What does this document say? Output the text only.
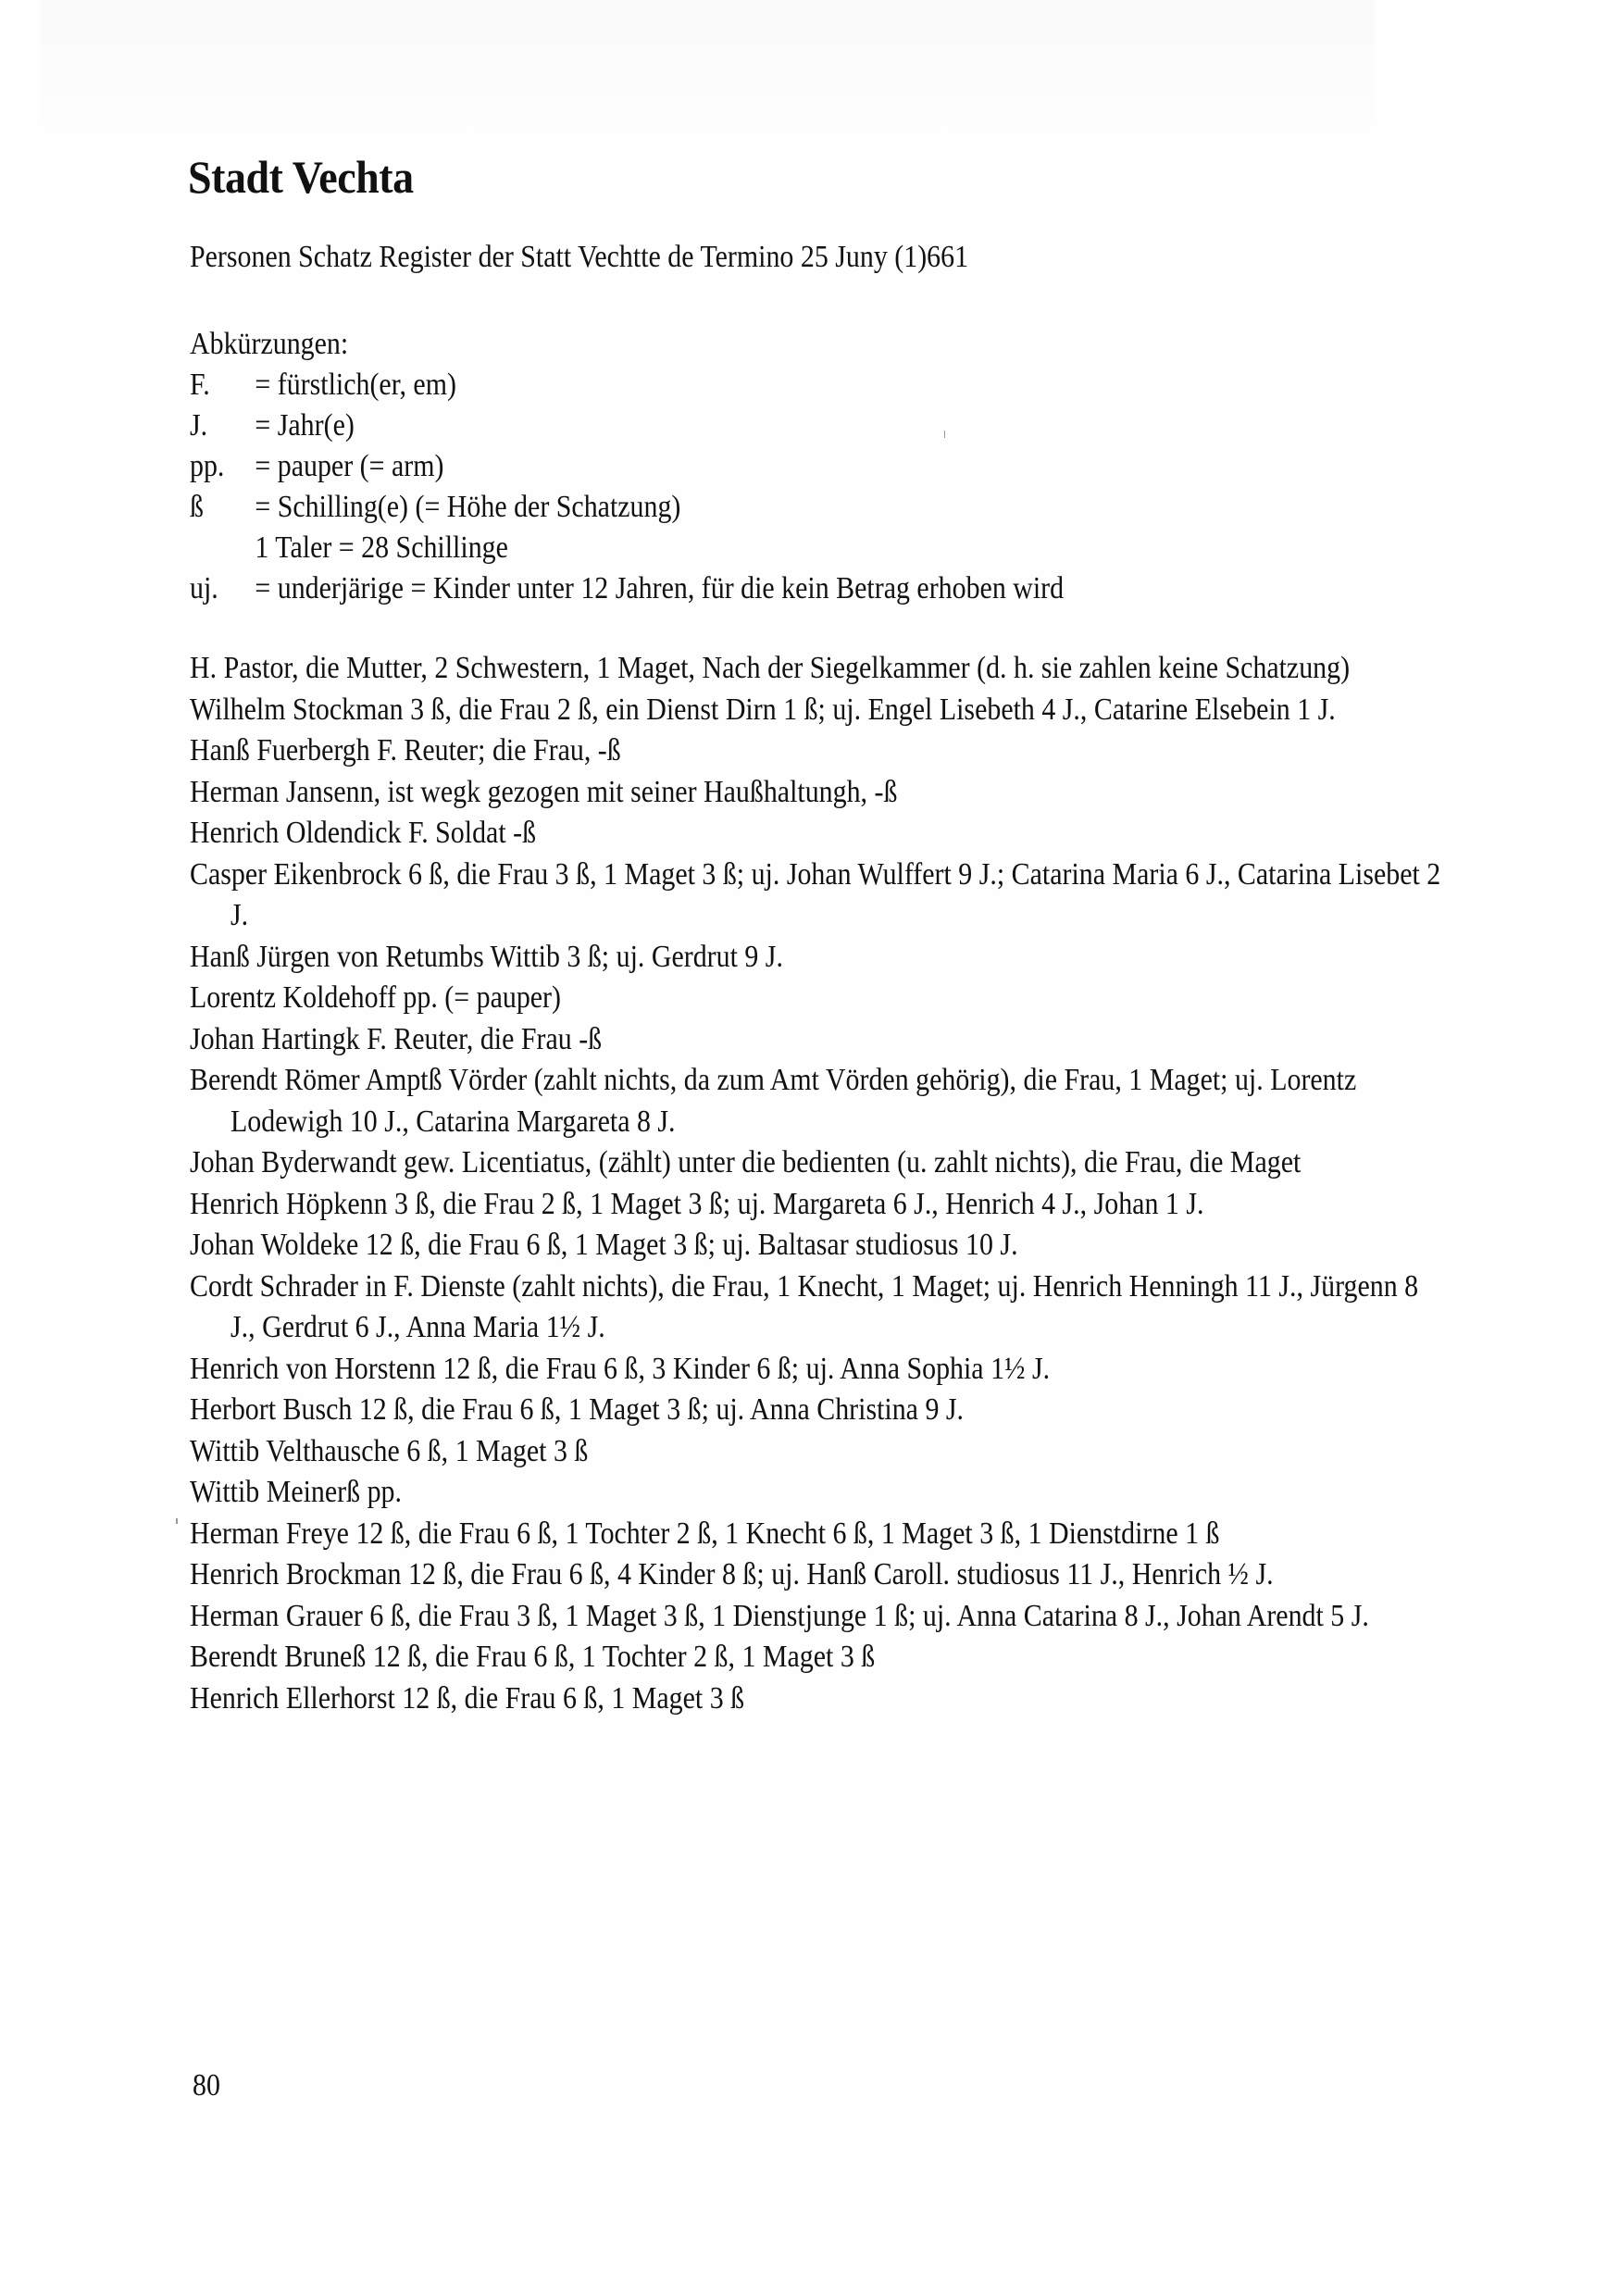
Stadt Vechta
Personen Schatz Register der Statt Vechtte de Termino 25 Juny (1)661
Abkürzungen:
F.	= fürstlich(er, em)
J.	= Jahr(e)
pp. = pauper (= arm)
ß	= Schilling(e) (= Höhe der Schatzung)
1 Taler = 28 Schillinge
uj.	= underjärige = Kinder unter 12 Jahren, für die kein Betrag erhoben wird
H. Pastor, die Mutter, 2 Schwestern, 1 Maget, Nach der Siegelkammer (d. h. sie zahlen keine Schatzung)
Wilhelm Stockman 3 ß, die Frau 2 ß, ein Dienst Dirn 1 ß; uj. Engel Lisebeth 4 J., Catarine Elsebein 1 J.
Hanß Fuerbergh F. Reuter; die Frau, -ß
Herman Jansenn, ist wegk gezogen mit seiner Haußhaltungh, -ß
Henrich Oldendick F. Soldat -ß
Casper Eikenbrock 6 ß, die Frau 3 ß, 1 Maget 3 ß; uj. Johan Wulffert 9 J.; Catarina Maria 6 J., Catarina Lisebet 2 J.
Hanß Jürgen von Retumbs Wittib 3 ß; uj. Gerdrut 9 J.
Lorentz Koldehoff pp. (= pauper)
Johan Hartingk F. Reuter, die Frau -ß
Berendt Römer Amptß Vörder (zahlt nichts, da zum Amt Vörden gehörig), die Frau, 1 Maget; uj. Lorentz Lodewigh 10 J., Catarina Margareta 8 J.
Johan Byderwandt gew. Licentiatus, (zählt) unter die bedienten (u. zahlt nichts), die Frau, die Maget
Henrich Höpkenn 3 ß, die Frau 2 ß, 1 Maget 3 ß; uj. Margareta 6 J., Henrich 4 J., Johan 1 J.
Johan Woldeke 12 ß, die Frau 6 ß, 1 Maget 3 ß; uj. Baltasar studiosus 10 J.
Cordt Schrader in F. Dienste (zahlt nichts), die Frau, 1 Knecht, 1 Maget; uj. Henrich Henningh 11 J., Jürgenn 8 J., Gerdrut 6 J., Anna Maria 1½ J.
Henrich von Horstenn 12 ß, die Frau 6 ß, 3 Kinder 6 ß; uj. Anna Sophia 1½ J.
Herbort Busch 12 ß, die Frau 6 ß, 1 Maget 3 ß; uj. Anna Christina 9 J.
Wittib Velthausche 6 ß, 1 Maget 3 ß
Wittib Meinerß pp.
Herman Freye 12 ß, die Frau 6 ß, 1 Tochter 2 ß, 1 Knecht 6 ß, 1 Maget 3 ß, 1 Dienstdirne 1 ß
Henrich Brockman 12 ß, die Frau 6 ß, 4 Kinder 8 ß; uj. Hanß Caroll. studiosus 11 J., Henrich ½ J.
Herman Grauer 6 ß, die Frau 3 ß, 1 Maget 3 ß, 1 Dienstjunge 1 ß; uj. Anna Catarina 8 J., Johan Arendt 5 J.
Berendt Bruneß 12 ß, die Frau 6 ß, 1 Tochter 2 ß, 1 Maget 3 ß
Henrich Ellerhorst 12 ß, die Frau 6 ß, 1 Maget 3 ß
80
